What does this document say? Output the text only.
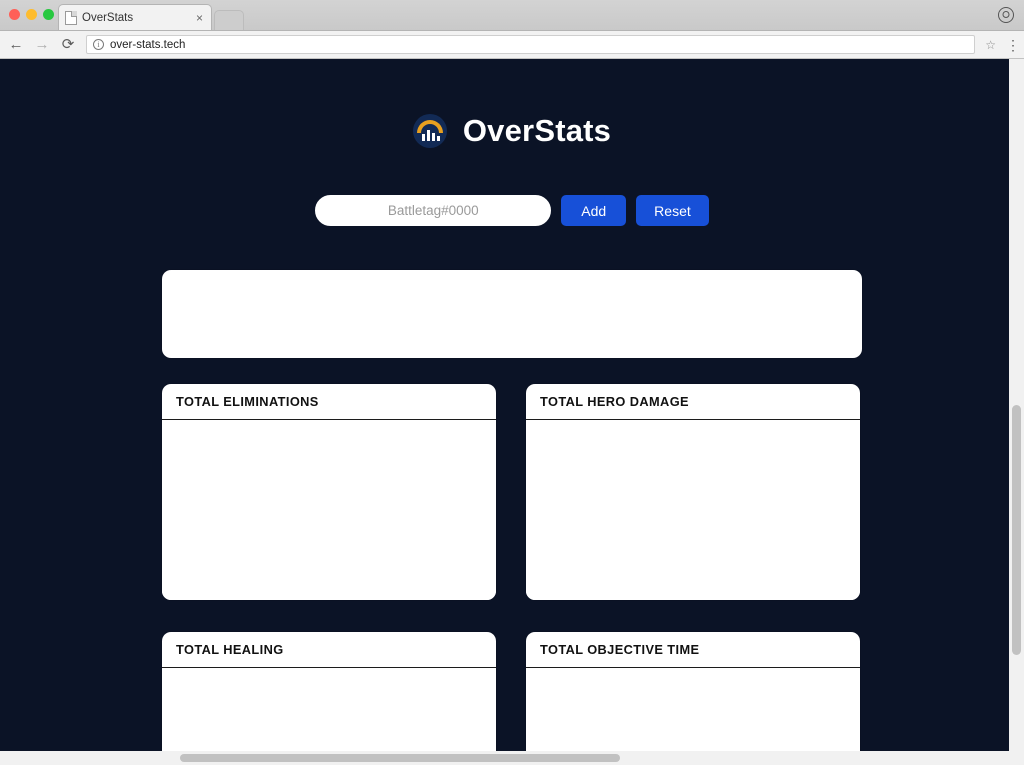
OverStats	×
← → ⟳	i over-stats.tech	☆ ⋮
OverStats
Battletag#0000
Add	Reset
TOTAL ELIMINATIONS	TOTAL HERO DAMAGE
TOTAL HEALING	TOTAL OBJECTIVE TIME
